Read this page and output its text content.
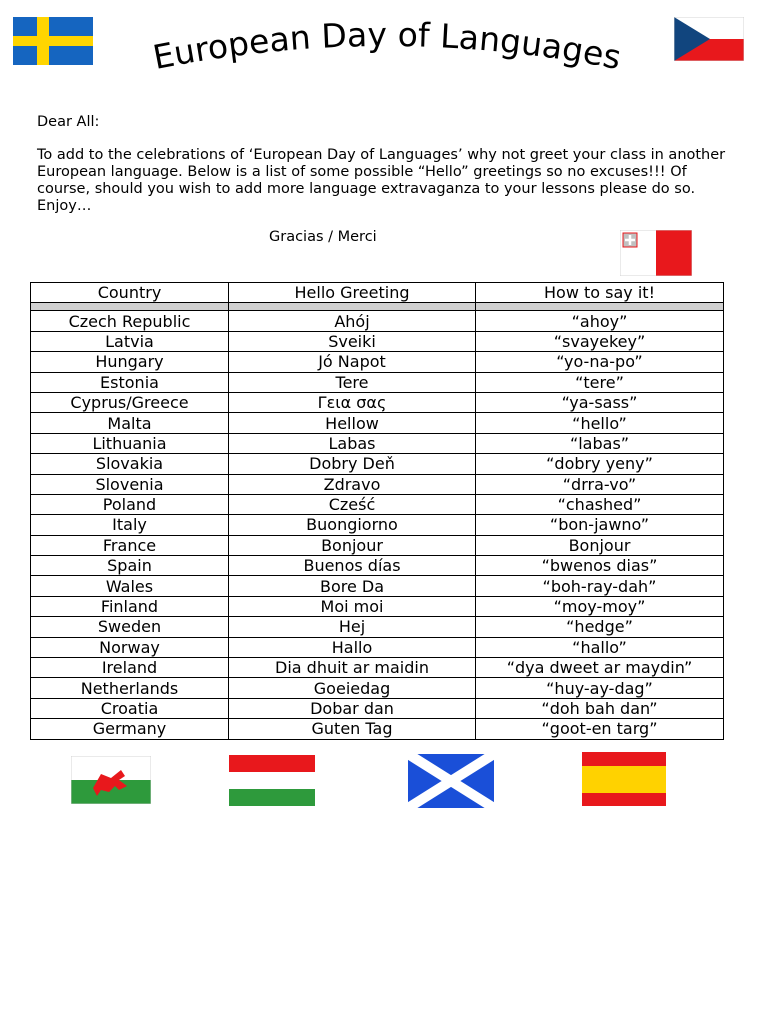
European Day of Languages

Dear All:

To add to the celebrations of ‘European Day of Languages’ why not greet your class in another European language. Below is a list of some possible “Hello” greetings so no excuses!!! Of course, should you wish to add more language extravaganza to your lessons please do so.

Enjoy…

Gracias / Merci
Country	Hello Greeting	How to say it!

Czech Republic	Ahój	“ahoy”
Latvia	Sveiki	“svayekey”
Hungary	Jó Napot	“yo-na-po”
Estonia	Tere	“tere”
Cyprus/Greece	Γεια σας	“ya-sass”
Malta	Hellow	“hello”
Lithuania	Labas	“labas”
Slovakia	Dobry Deň	“dobry yeny”
Slovenia	Zdravo	“drra-vo”
Poland	Cześć	“chashed”
Italy	Buongiorno	“bon-jawno”
France	Bonjour	Bonjour
Spain	Buenos días	“bwenos dias”
Wales	Bore Da	“boh-ray-dah”
Finland	Moi moi	“moy-moy”
Sweden	Hej	“hedge”
Norway	Hallo	“hallo”
Ireland	Dia dhuit ar maidin	“dya dweet ar maydin”
Netherlands	Goeiedag	“huy-ay-dag”
Croatia	Dobar dan	“doh bah dan”
Germany	Guten Tag	“goot-en targ”
